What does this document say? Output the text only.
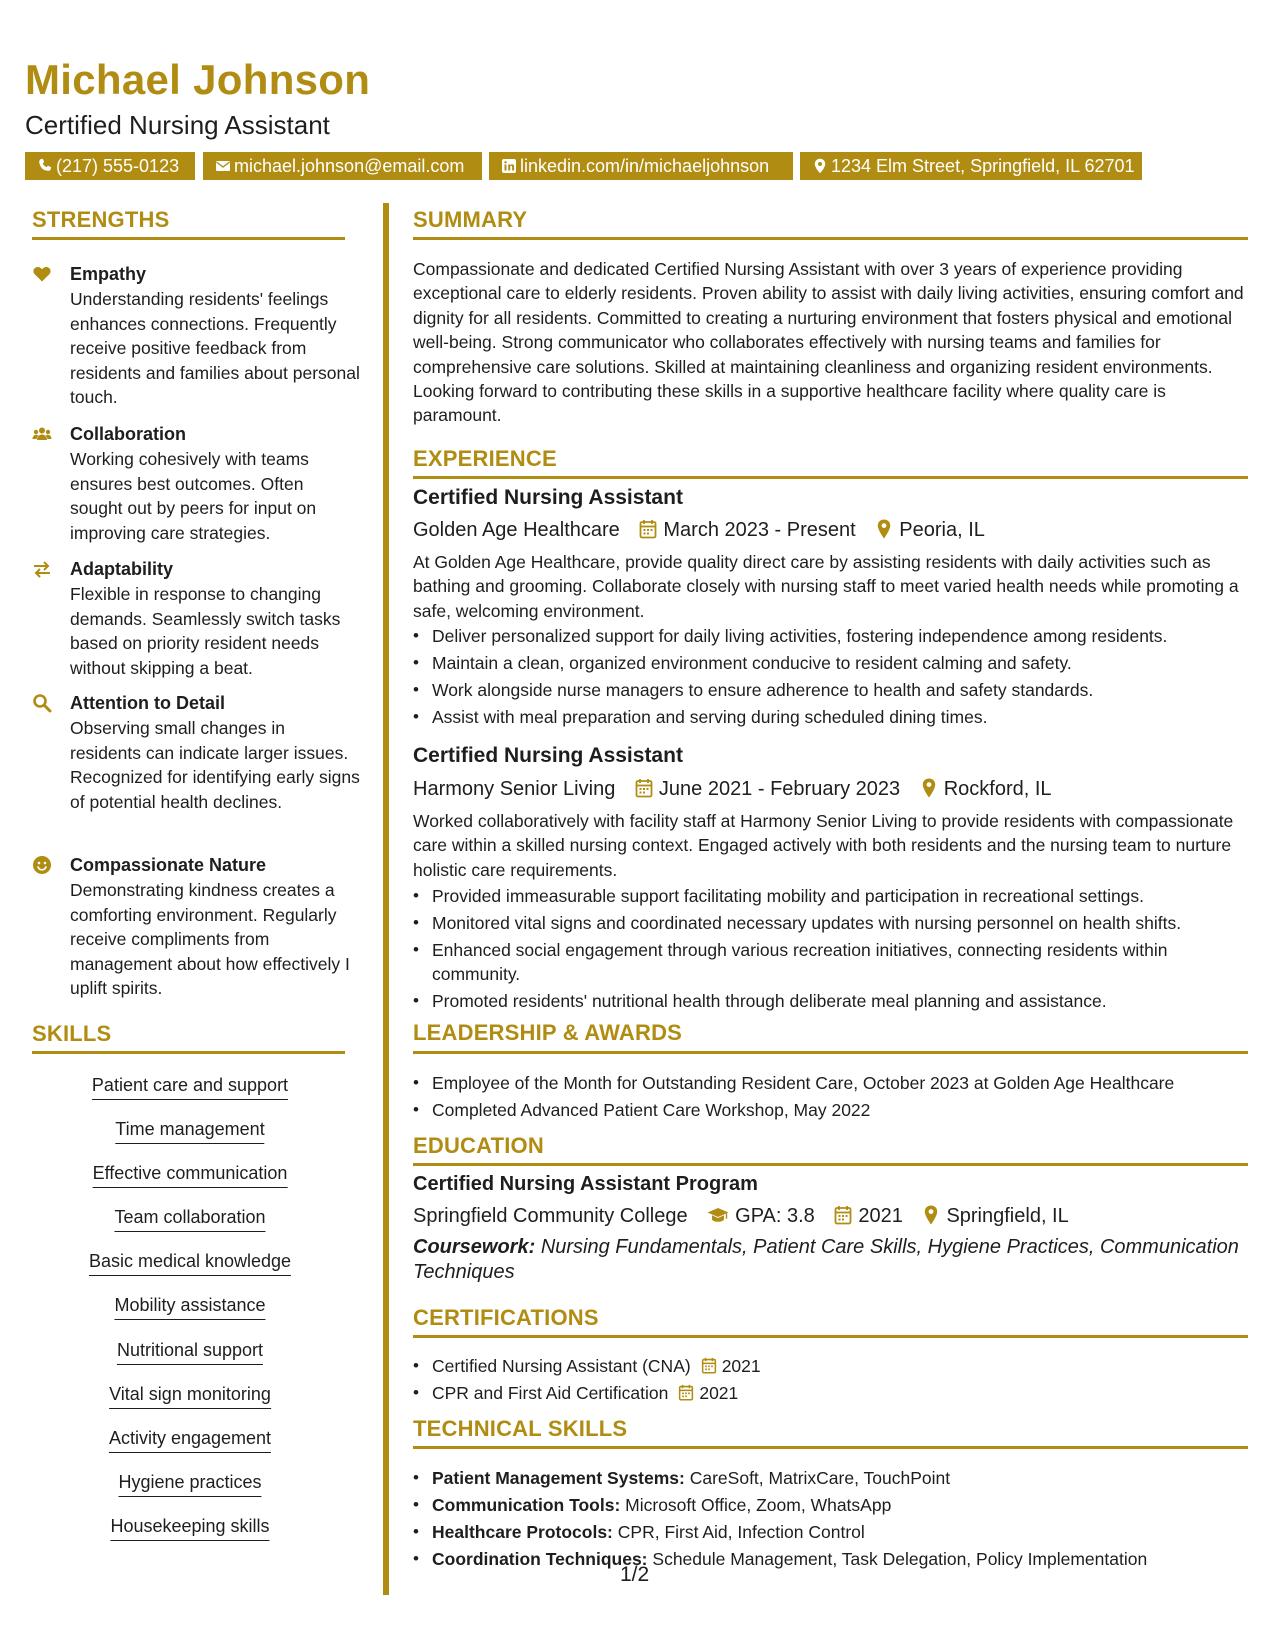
Michael Johnson
Certified Nursing Assistant
(217) 555-0123	michael.johnson@email.com	linkedin.com/in/michaeljohnson	1234 Elm Street, Springfield, IL 62701
STRENGTHS
Empathy
Understanding residents' feelings enhances connections. Frequently receive positive feedback from residents and families about personal touch.
Collaboration
Working cohesively with teams ensures best outcomes. Often sought out by peers for input on improving care strategies.
Adaptability
Flexible in response to changing demands. Seamlessly switch tasks based on priority resident needs without skipping a beat.
Attention to Detail
Observing small changes in residents can indicate larger issues. Recognized for identifying early signs of potential health declines.
Compassionate Nature
Demonstrating kindness creates a comforting environment. Regularly receive compliments from management about how effectively I uplift spirits.
SKILLS
Patient care and support
Time management
Effective communication
Team collaboration
Basic medical knowledge
Mobility assistance
Nutritional support
Vital sign monitoring
Activity engagement
Hygiene practices
Housekeeping skills
SUMMARY

Compassionate and dedicated Certified Nursing Assistant with over 3 years of experience providing exceptional care to elderly residents. Proven ability to assist with daily living activities, ensuring comfort and dignity for all residents. Committed to creating a nurturing environment that fosters physical and emotional well-being. Strong communicator who collaborates effectively with nursing teams and families for comprehensive care solutions. Skilled at maintaining cleanliness and organizing resident environments. Looking forward to contributing these skills in a supportive healthcare facility where quality care is paramount.

EXPERIENCE
Certified Nursing Assistant
Golden Age Healthcare March 2023 - Present Peoria, IL

At Golden Age Healthcare, provide quality direct care by assisting residents with daily activities such as bathing and grooming. Collaborate closely with nursing staff to meet varied health needs while promoting a safe, welcoming environment.

• Deliver personalized support for daily living activities, fostering independence among residents.
• Maintain a clean, organized environment conducive to resident calming and safety.
• Work alongside nurse managers to ensure adherence to health and safety standards.
• Assist with meal preparation and serving during scheduled dining times.
Certified Nursing Assistant
Harmony Senior Living June 2021 - February 2023 Rockford, IL

Worked collaboratively with facility staff at Harmony Senior Living to provide residents with compassionate care within a skilled nursing context. Engaged actively with both residents and the nursing team to nurture holistic care requirements.

• Provided immeasurable support facilitating mobility and participation in recreational settings.
• Monitored vital signs and coordinated necessary updates with nursing personnel on health shifts.
• Enhanced social engagement through various recreation initiatives, connecting residents within community.
• Promoted residents' nutritional health through deliberate meal planning and assistance.
LEADERSHIP & AWARDS
• Employee of the Month for Outstanding Resident Care, October 2023 at Golden Age Healthcare
• Completed Advanced Patient Care Workshop, May 2022
EDUCATION
Certified Nursing Assistant Program
Springfield Community College GPA: 3.8 2021 Springfield, IL

Coursework: Nursing Fundamentals, Patient Care Skills, Hygiene Practices, Communication Techniques

CERTIFICATIONS
• Certified Nursing Assistant (CNA) 2021
• CPR and First Aid Certification 2021
TECHNICAL SKILLS
• Patient Management Systems: CareSoft, MatrixCare, TouchPoint
• Communication Tools: Microsoft Office, Zoom, WhatsApp
• Healthcare Protocols: CPR, First Aid, Infection Control
• Coordination Techniques: Schedule Management, Task Delegation, Policy Implementation
1/2
